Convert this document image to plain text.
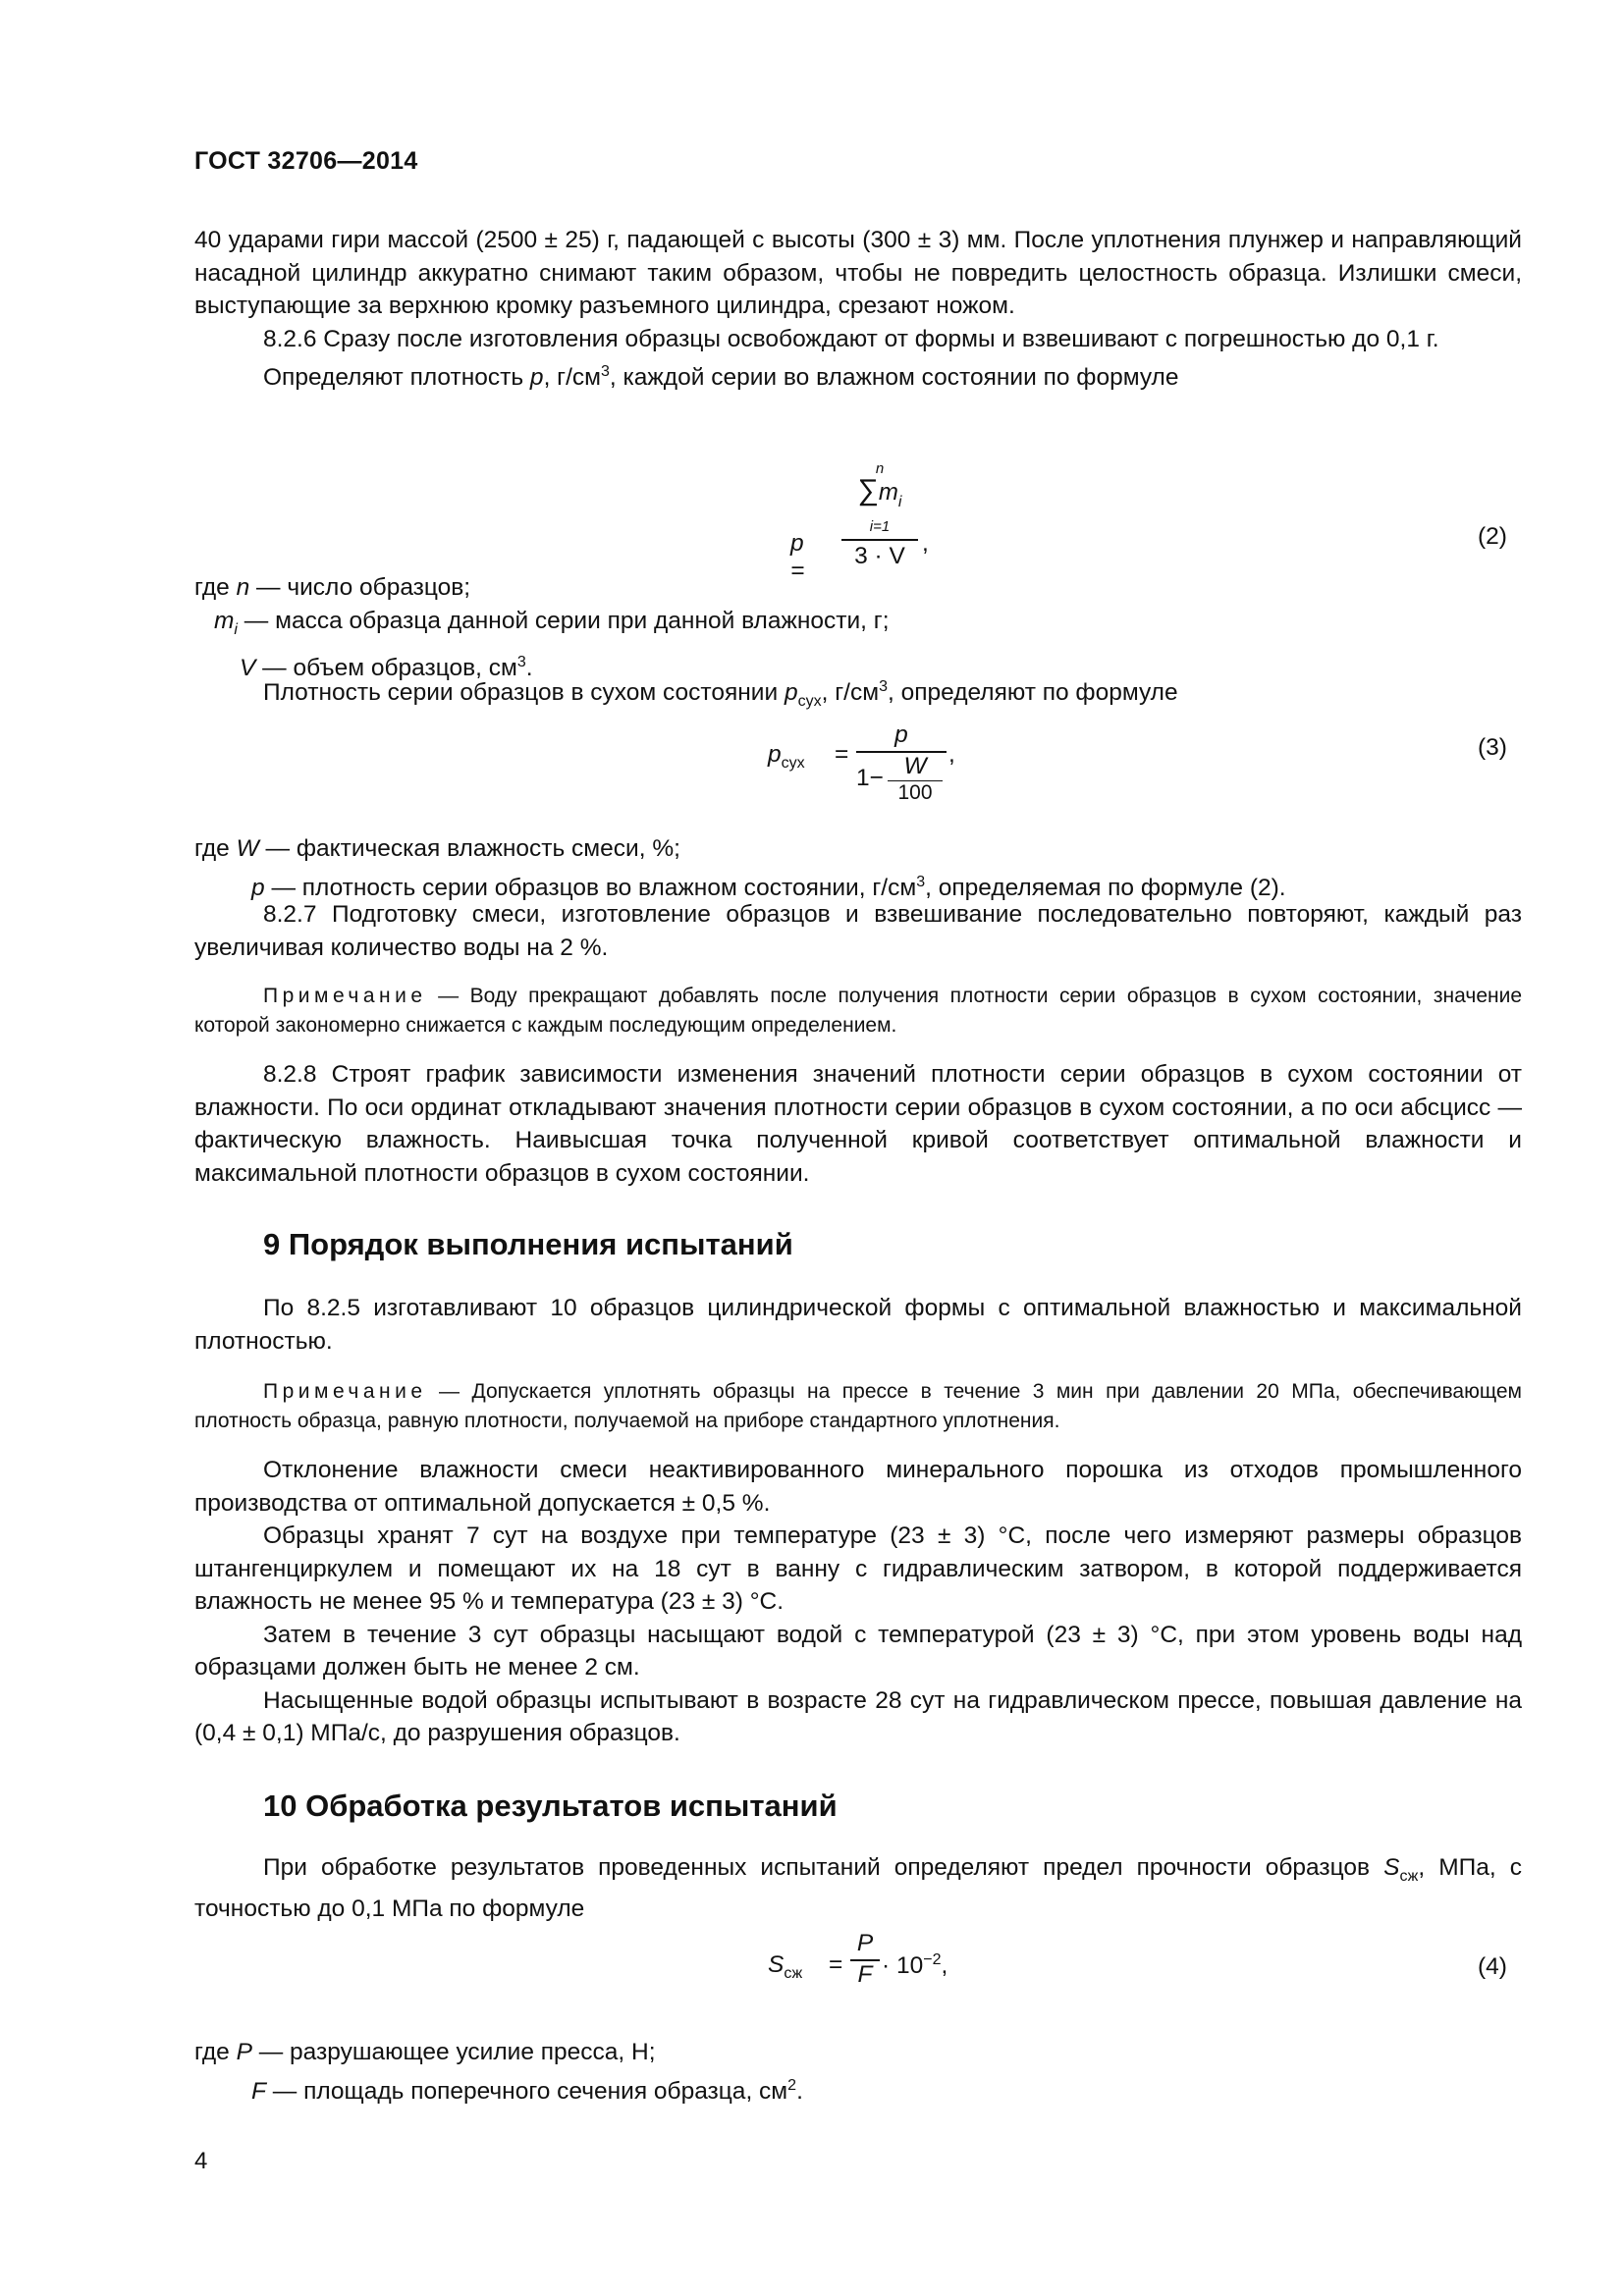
ГОСТ 32706—2014

40 ударами гири массой (2500 ± 25) г, падающей с высоты (300 ± 3) мм. После уплотнения плунжер и направляющий насадной цилиндр аккуратно снимают таким образом, чтобы не повредить целостность образца. Излишки смеси, выступающие за верхнюю кромку разъемного цилиндра, срезают ножом.

8.2.6 Сразу после изготовления образцы освобождают от формы и взвешивают с погрешностью до 0,1 г.

Определяют плотность p, $г/см^3$, каждой серии во влажном состоянии по формуле

p =
n
$\sum m_i$
i=1
3 · V ,	(2)
где n — число образцов;
$m_i$ — масса образца данной серии при данной влажности, г;
V — объем образцов, $см^3$.

Плотность серии образцов в сухом состоянии $p_{сух}$, $г/см^3$, определяют по формуле

$p_{сух}$ =
p
1− W
100
,	(3)
где W — фактическая влажность смеси, %;
p — плотность серии образцов во влажном состоянии, $г/см^3$, определяемая по формуле (2).

8.2.7 Подготовку смеси, изготовление образцов и взвешивание последовательно повторяют, каждый раз увеличивая количество воды на 2 %.

Примечание — Воду прекращают добавлять после получения плотности серии образцов в сухом состоянии, значение которой закономерно снижается с каждым последующим определением.

8.2.8 Строят график зависимости изменения значений плотности серии образцов в сухом состоянии от влажности. По оси ординат откладывают значения плотности серии образцов в сухом состоянии, а по оси абсцисс — фактическую влажность. Наивысшая точка полученной кривой соответствует оптимальной влажности и максимальной плотности образцов в сухом состоянии.

9 Порядок выполнения испытаний

По 8.2.5 изготавливают 10 образцов цилиндрической формы с оптимальной влажностью и максимальной плотностью.

Примечание — Допускается уплотнять образцы на прессе в течение 3 мин при давлении 20 МПа, обеспечивающем плотность образца, равную плотности, получаемой на приборе стандартного уплотнения.

Отклонение влажности смеси неактивированного минерального порошка из отходов промышленного производства от оптимальной допускается ± 0,5 %.

Образцы хранят 7 сут на воздухе при температуре (23 ± 3) °С, после чего измеряют размеры образцов штангенциркулем и помещают их на 18 сут в ванну с гидравлическим затвором, в которой поддерживается влажность не менее 95 % и температура (23 ± 3) °С.

Затем в течение 3 сут образцы насыщают водой с температурой (23 ± 3) °С, при этом уровень воды над образцами должен быть не менее 2 см.

Насыщенные водой образцы испытывают в возрасте 28 сут на гидравлическом прессе, повышая давление на (0,4 ± 0,1) МПа/с, до разрушения образцов.

10 Обработка результатов испытаний

При обработке результатов проведенных испытаний определяют предел прочности образцов $S_{сж}$, МПа, с точностью до 0,1 МПа по формуле

$S_{сж}$ =
P
$F \cdot 10^{-2}$,	(4)
где P — разрушающее усилие пресса, Н;
F — площадь поперечного сечения образца, $см^2$.
4
